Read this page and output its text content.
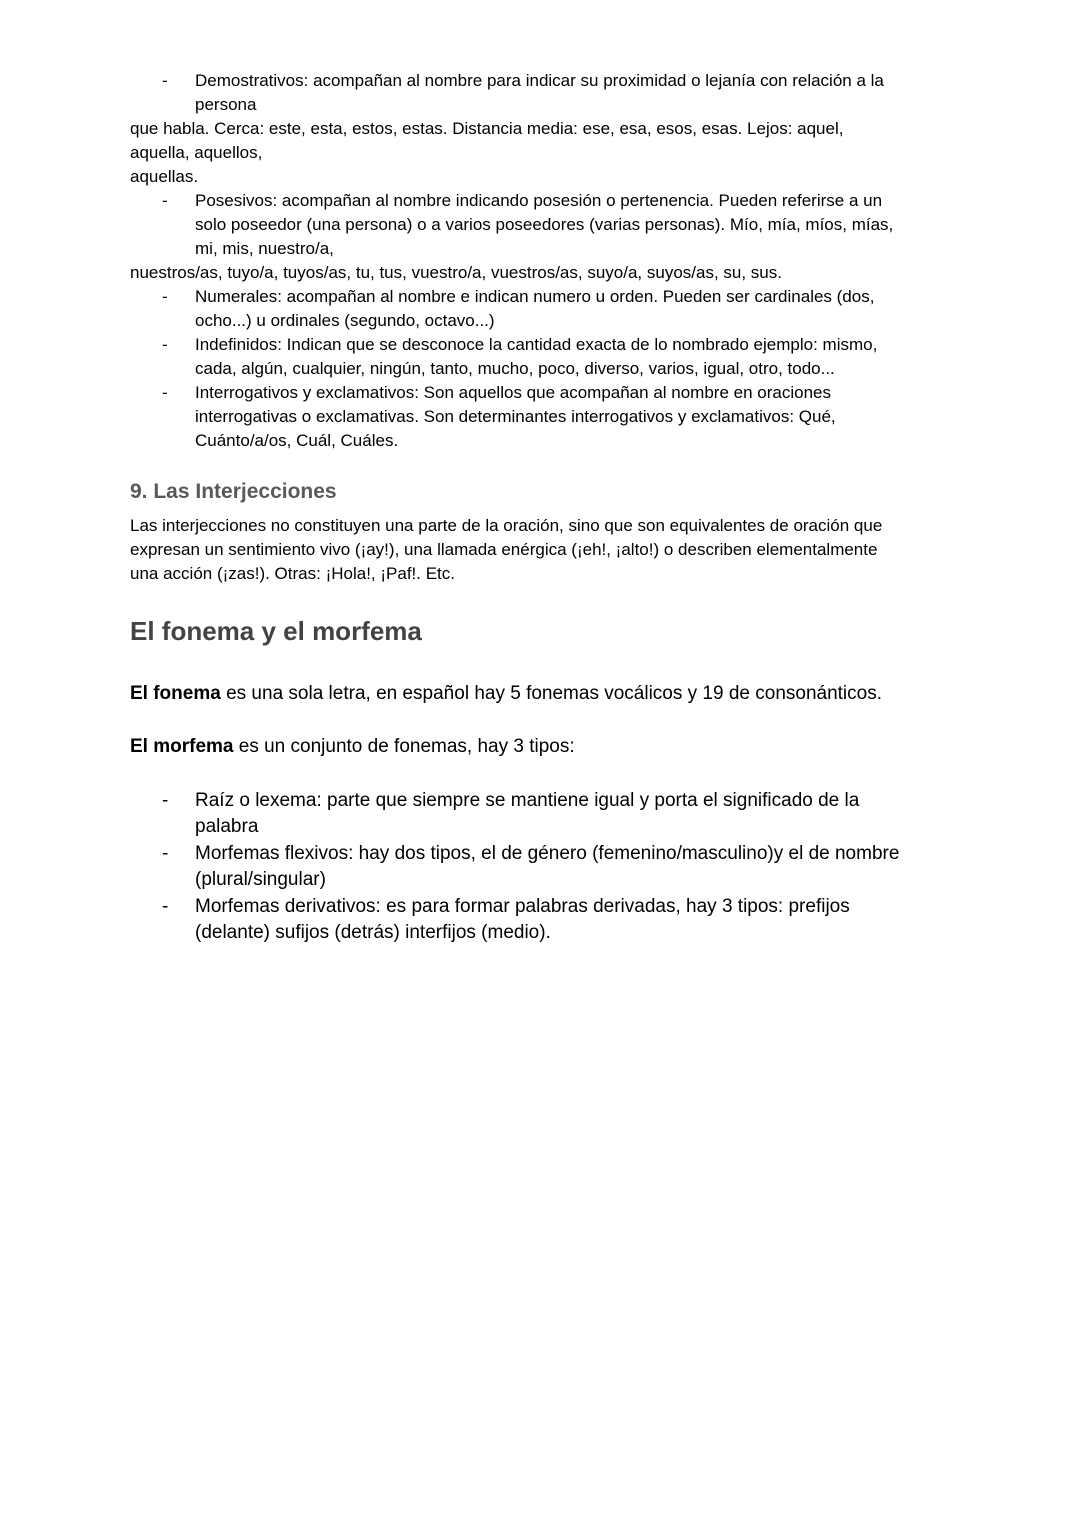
-	Demostrativos: acompañan al nombre para indicar su proximidad o lejanía con relación a la

persona

que habla. Cerca: este, esta, estos, estas. Distancia media: ese, esa, esos, esas. Lejos: aquel,

aquella, aquellos,

aquellas.

-	Posesivos: acompañan al nombre indicando posesión o pertenencia. Pueden referirse a un

solo poseedor (una persona) o a varios poseedores (varias personas). Mío, mía, míos, mías,

mi, mis, nuestro/a,

nuestros/as, tuyo/a, tuyos/as, tu, tus, vuestro/a, vuestros/as, suyo/a, suyos/as, su, sus.

-	Numerales: acompañan al nombre e indican numero u orden. Pueden ser cardinales (dos,

ocho...) u ordinales (segundo, octavo...)

-	Indefinidos: Indican que se desconoce la cantidad exacta de lo nombrado ejemplo: mismo,

cada, algún, cualquier, ningún, tanto, mucho, poco, diverso, varios, igual, otro, todo...

-	Interrogativos y exclamativos: Son aquellos que acompañan al nombre en oraciones

interrogativas o exclamativas. Son determinantes interrogativos y exclamativos: Qué,

Cuánto/a/os, Cuál, Cuáles.

9. Las Interjecciones

Las interjecciones no constituyen una parte de la oración, sino que son equivalentes de oración que

expresan un sentimiento vivo (¡ay!), una llamada enérgica (¡eh!, ¡alto!) o describen elementalmente

una acción (¡zas!). Otras: ¡Hola!, ¡Paf!. Etc.

El fonema y el morfema

El fonema es una sola letra, en español hay 5 fonemas vocálicos y 19 de consonánticos.

El morfema es un conjunto de fonemas, hay 3 tipos:

-	Raíz o lexema: parte que siempre se mantiene igual y porta el significado de la

palabra

-	Morfemas flexivos: hay dos tipos, el de género (femenino/masculino)y el de nombre

(plural/singular)

-	Morfemas derivativos: es para formar palabras derivadas, hay 3 tipos: prefijos

(delante) sufijos (detrás) interfijos (medio).
